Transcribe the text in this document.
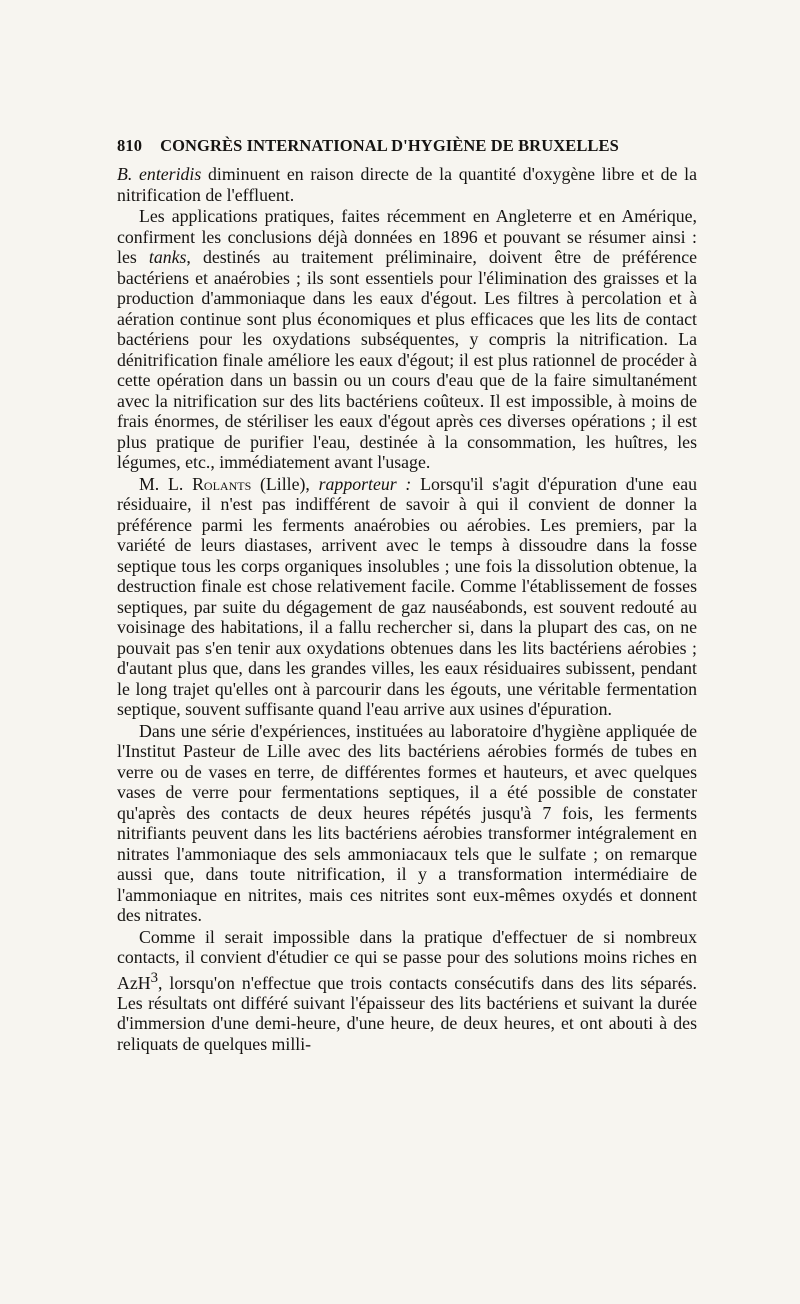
810 CONGRÈS INTERNATIONAL D'HYGIÈNE DE BRUXELLES

B. enteridis diminuent en raison directe de la quantité d'oxygène libre et de la nitrification de l'effluent.

Les applications pratiques, faites récemment en Angleterre et en Amérique, confirment les conclusions déjà données en 1896 et pouvant se résumer ainsi : les tanks, destinés au traitement préliminaire, doivent être de préférence bactériens et anaérobies ; ils sont essentiels pour l'élimination des graisses et la production d'ammoniaque dans les eaux d'égout. Les filtres à percolation et à aération continue sont plus économiques et plus efficaces que les lits de contact bactériens pour les oxydations subséquentes, y compris la nitrification. La dénitrification finale améliore les eaux d'égout; il est plus rationnel de procéder à cette opération dans un bassin ou un cours d'eau que de la faire simultanément avec la nitrification sur des lits bactériens coûteux. Il est impossible, à moins de frais énormes, de stériliser les eaux d'égout après ces diverses opérations ; il est plus pratique de purifier l'eau, destinée à la consommation, les huîtres, les légumes, etc., immédiatement avant l'usage.

M. L. Rolants (Lille), rapporteur : Lorsqu'il s'agit d'épuration d'une eau résiduaire, il n'est pas indifférent de savoir à qui il convient de donner la préférence parmi les ferments anaérobies ou aérobies. Les premiers, par la variété de leurs diastases, arrivent avec le temps à dissoudre dans la fosse septique tous les corps organiques insolubles ; une fois la dissolution obtenue, la destruction finale est chose relativement facile. Comme l'établissement de fosses septiques, par suite du dégagement de gaz nauséabonds, est souvent redouté au voisinage des habitations, il a fallu rechercher si, dans la plupart des cas, on ne pouvait pas s'en tenir aux oxydations obtenues dans les lits bactériens aérobies ; d'autant plus que, dans les grandes villes, les eaux résiduaires subissent, pendant le long trajet qu'elles ont à parcourir dans les égouts, une véritable fermentation septique, souvent suffisante quand l'eau arrive aux usines d'épuration.

Dans une série d'expériences, instituées au laboratoire d'hygiène appliquée de l'Institut Pasteur de Lille avec des lits bactériens aérobies formés de tubes en verre ou de vases en terre, de différentes formes et hauteurs, et avec quelques vases de verre pour fermentations septiques, il a été possible de constater qu'après des contacts de deux heures répétés jusqu'à 7 fois, les ferments nitrifiants peuvent dans les lits bactériens aérobies transformer intégralement en nitrates l'ammoniaque des sels ammoniacaux tels que le sulfate ; on remarque aussi que, dans toute nitrification, il y a transformation intermédiaire de l'ammoniaque en nitrites, mais ces nitrites sont eux-mêmes oxydés et donnent des nitrates.

Comme il serait impossible dans la pratique d'effectuer de si nombreux contacts, il convient d'étudier ce qui se passe pour des solutions moins riches en AzH$^3$, lorsqu'on n'effectue que trois contacts consécutifs dans des lits séparés. Les résultats ont différé suivant l'épaisseur des lits bactériens et suivant la durée d'immersion d'une demi-heure, d'une heure, de deux heures, et ont abouti à des reliquats de quelques milli-
